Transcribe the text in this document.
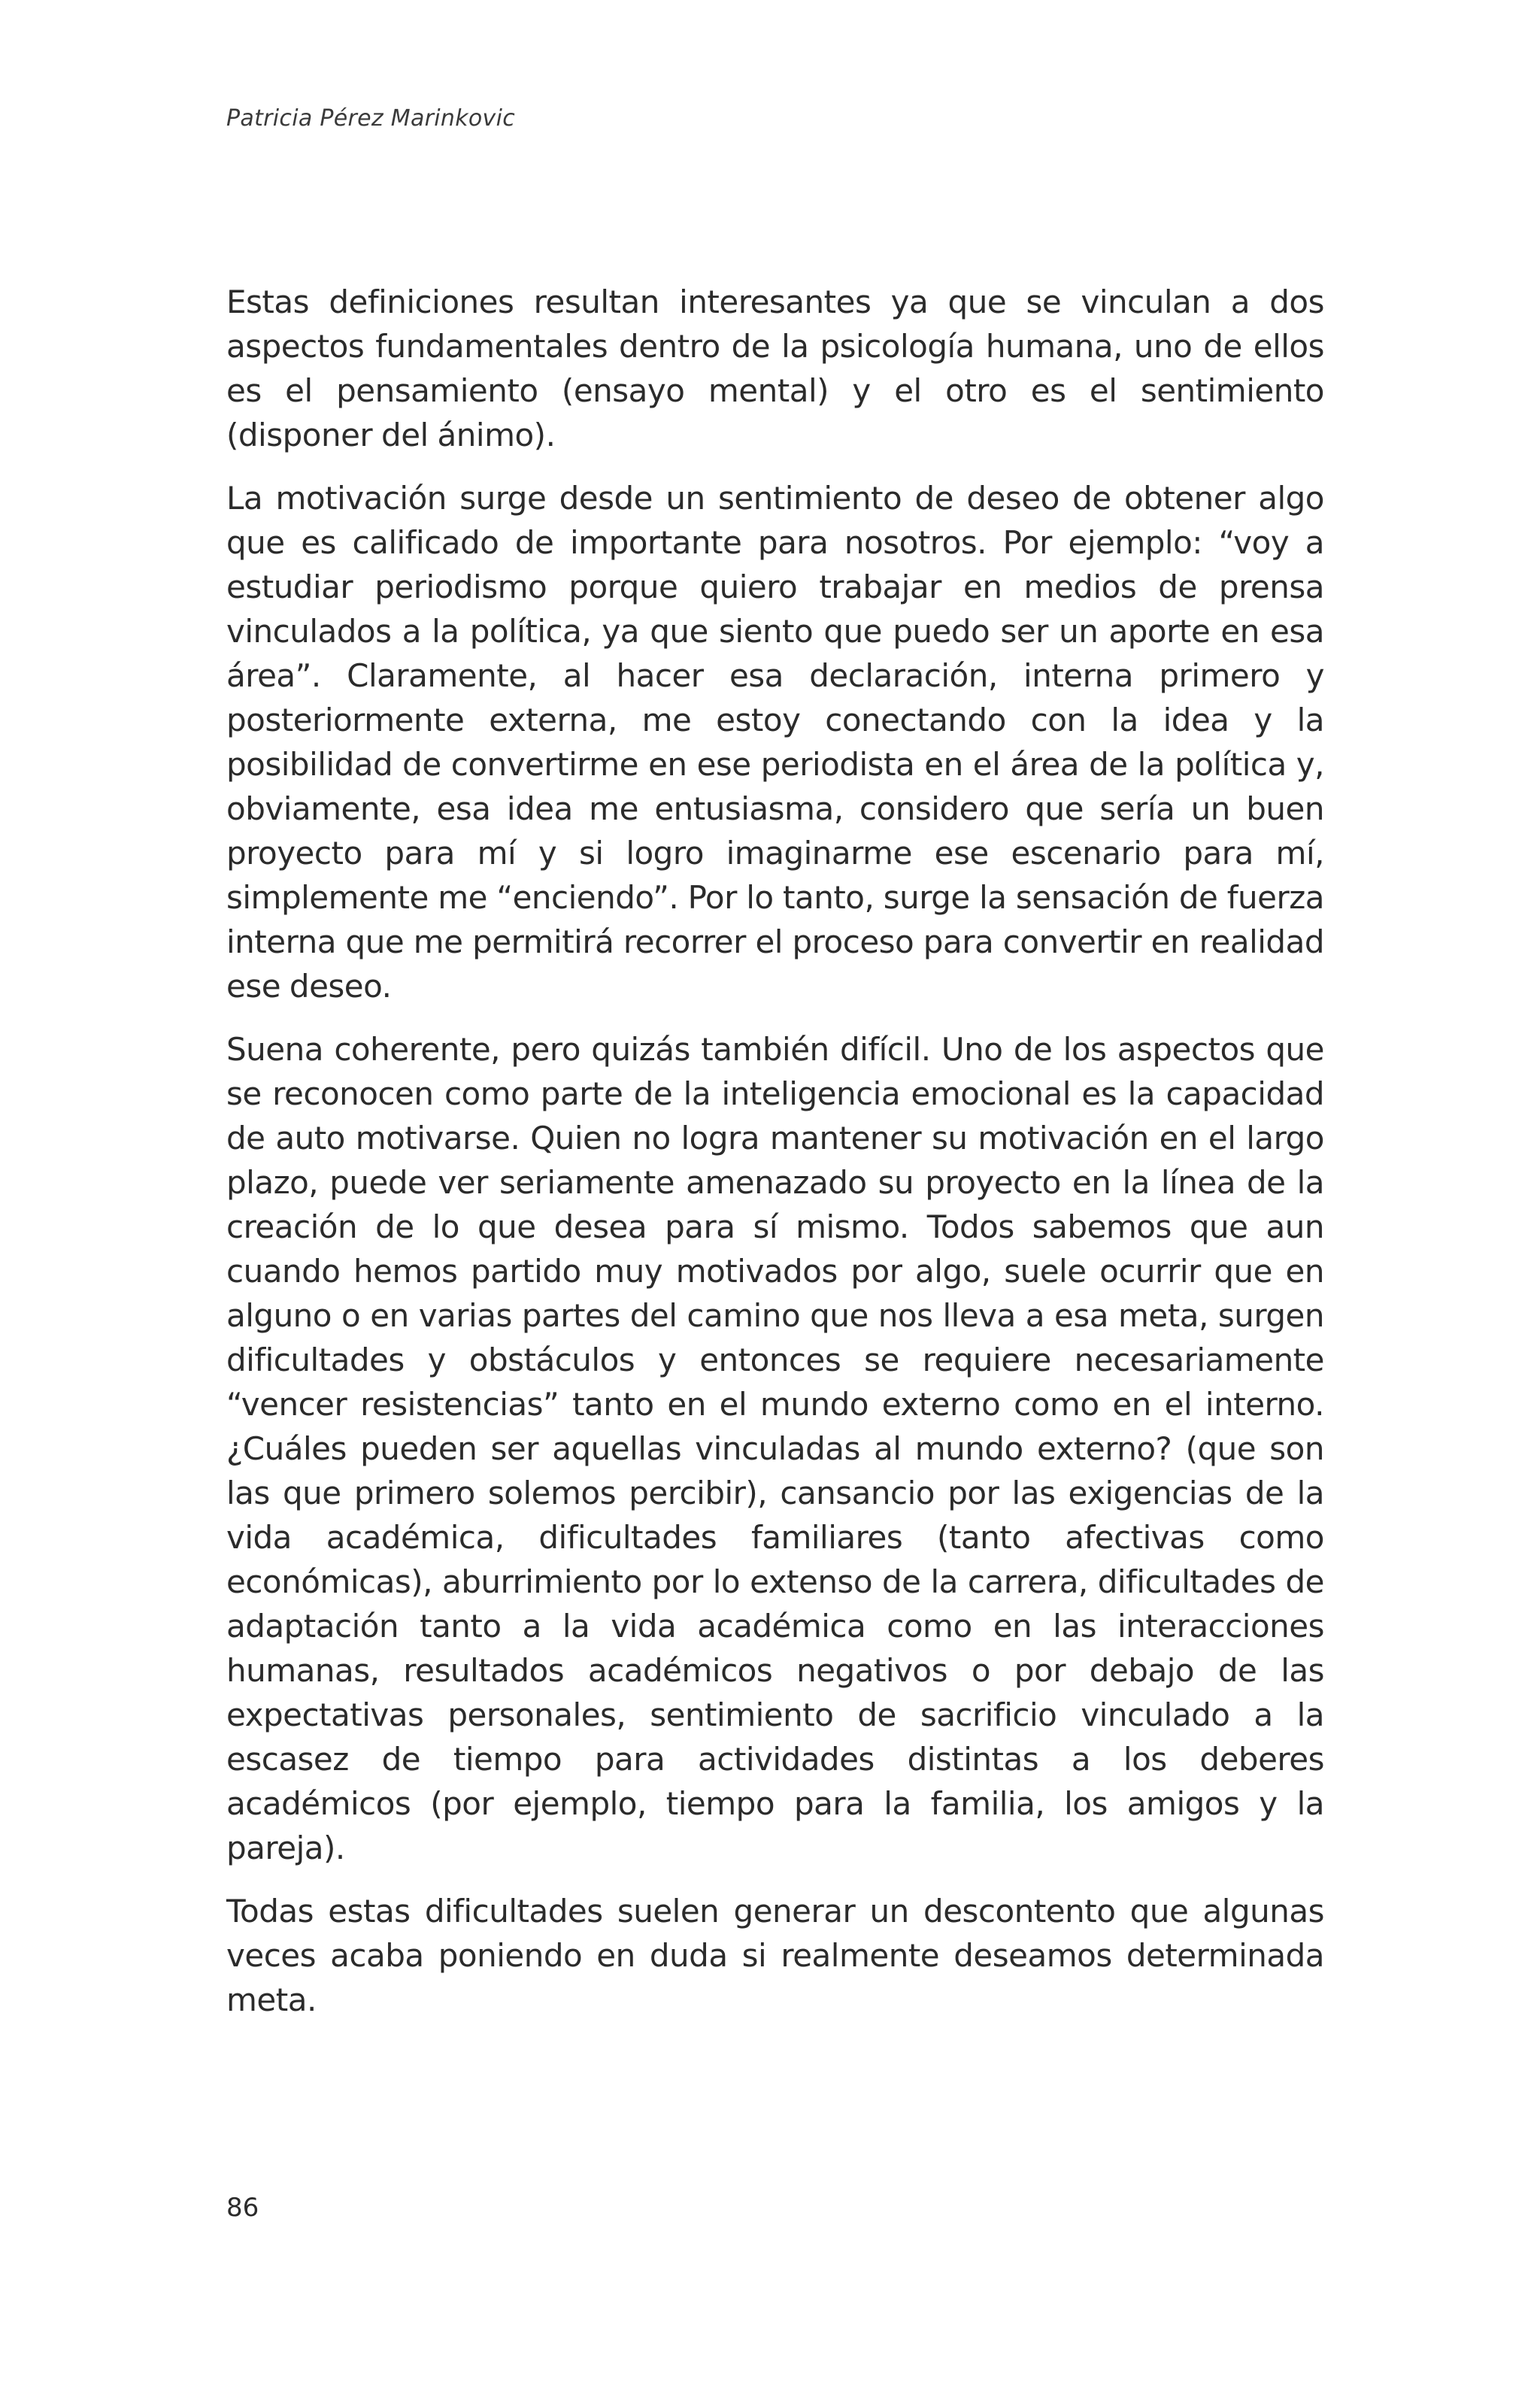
Patricia Pérez Marinkovic

Estas definiciones resultan interesantes ya que se vinculan a dos aspectos fundamentales dentro de la psicología humana, uno de ellos es el pensamiento (ensayo mental) y el otro es el sentimiento (disponer del ánimo).

La motivación surge desde un sentimiento de deseo de obtener algo que es calificado de importante para nosotros. Por ejemplo: “voy a estudiar periodismo porque quiero trabajar en medios de prensa vinculados a la política, ya que siento que puedo ser un aporte en esa área”. Claramente, al hacer esa declaración, interna primero y posteriormente externa, me estoy conectando con la idea y la posibilidad de convertirme en ese periodista en el área de la política y, obviamente, esa idea me entusiasma, considero que sería un buen proyecto para mí y si logro imaginarme ese escenario para mí, simplemente me “enciendo”. Por lo tanto, surge la sensación de fuerza interna que me permitirá recorrer el proceso para convertir en realidad ese deseo.

Suena coherente, pero quizás también difícil. Uno de los aspectos que se reconocen como parte de la inteligencia emocional es la capacidad de auto motivarse. Quien no logra mantener su motivación en el largo plazo, puede ver seriamente amenazado su proyecto en la línea de la creación de lo que desea para sí mismo. Todos sabemos que aun cuando hemos partido muy motivados por algo, suele ocurrir que en alguno o en varias partes del camino que nos lleva a esa meta, surgen dificultades y obstáculos y entonces se requiere necesariamente “vencer resistencias” tanto en el mundo externo como en el interno. ¿Cuáles pueden ser aquellas vinculadas al mundo externo? (que son las que primero solemos percibir), cansancio por las exigencias de la vida académica, dificultades familiares (tanto afectivas como económicas), aburrimiento por lo extenso de la carrera, dificultades de adaptación tanto a la vida académica como en las interacciones humanas, resultados académicos negativos o por debajo de las expectativas personales, sentimiento de sacrificio vinculado a la escasez de tiempo para actividades distintas a los deberes académicos (por ejemplo, tiempo para la familia, los amigos y la pareja).

Todas estas dificultades suelen generar un descontento que algunas veces acaba poniendo en duda si realmente deseamos determinada meta.

86
